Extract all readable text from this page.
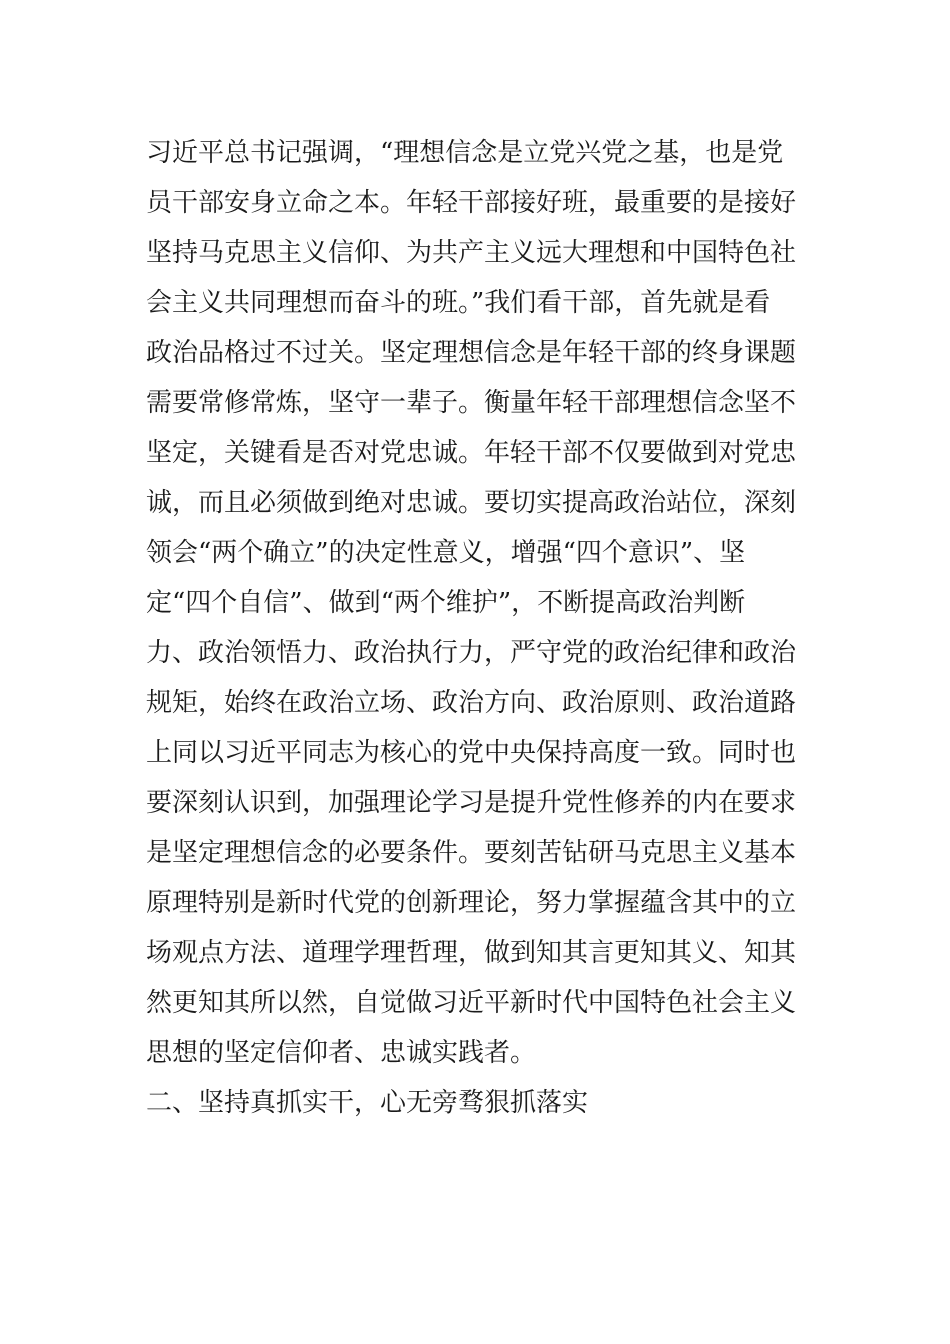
习近平总书记强调，“理想信念是立党兴党之基，也是党
员干部安身立命之本。年轻干部接好班，最重要的是接好
坚持马克思主义信仰、为共产主义远大理想和中国特色社
会主义共同理想而奋斗的班。”我们看干部，首先就是看
政治品格过不过关。坚定理想信念是年轻干部的终身课题
需要常修常炼，坚守一辈子。衡量年轻干部理想信念坚不
坚定，关键看是否对党忠诚。年轻干部不仅要做到对党忠
诚，而且必须做到绝对忠诚。要切实提高政治站位，深刻
领会“两个确立”的决定性意义，增强“四个意识”、坚
定“四个自信”、做到“两个维护”，不断提高政治判断
力、政治领悟力、政治执行力，严守党的政治纪律和政治
规矩，始终在政治立场、政治方向、政治原则、政治道路
上同以习近平同志为核心的党中央保持高度一致。同时也
要深刻认识到，加强理论学习是提升党性修养的内在要求
是坚定理想信念的必要条件。要刻苦钻研马克思主义基本
原理特别是新时代党的创新理论，努力掌握蕴含其中的立
场观点方法、道理学理哲理，做到知其言更知其义、知其
然更知其所以然，自觉做习近平新时代中国特色社会主义
思想的坚定信仰者、忠诚实践者。
二、坚持真抓实干，心无旁骛狠抓落实
